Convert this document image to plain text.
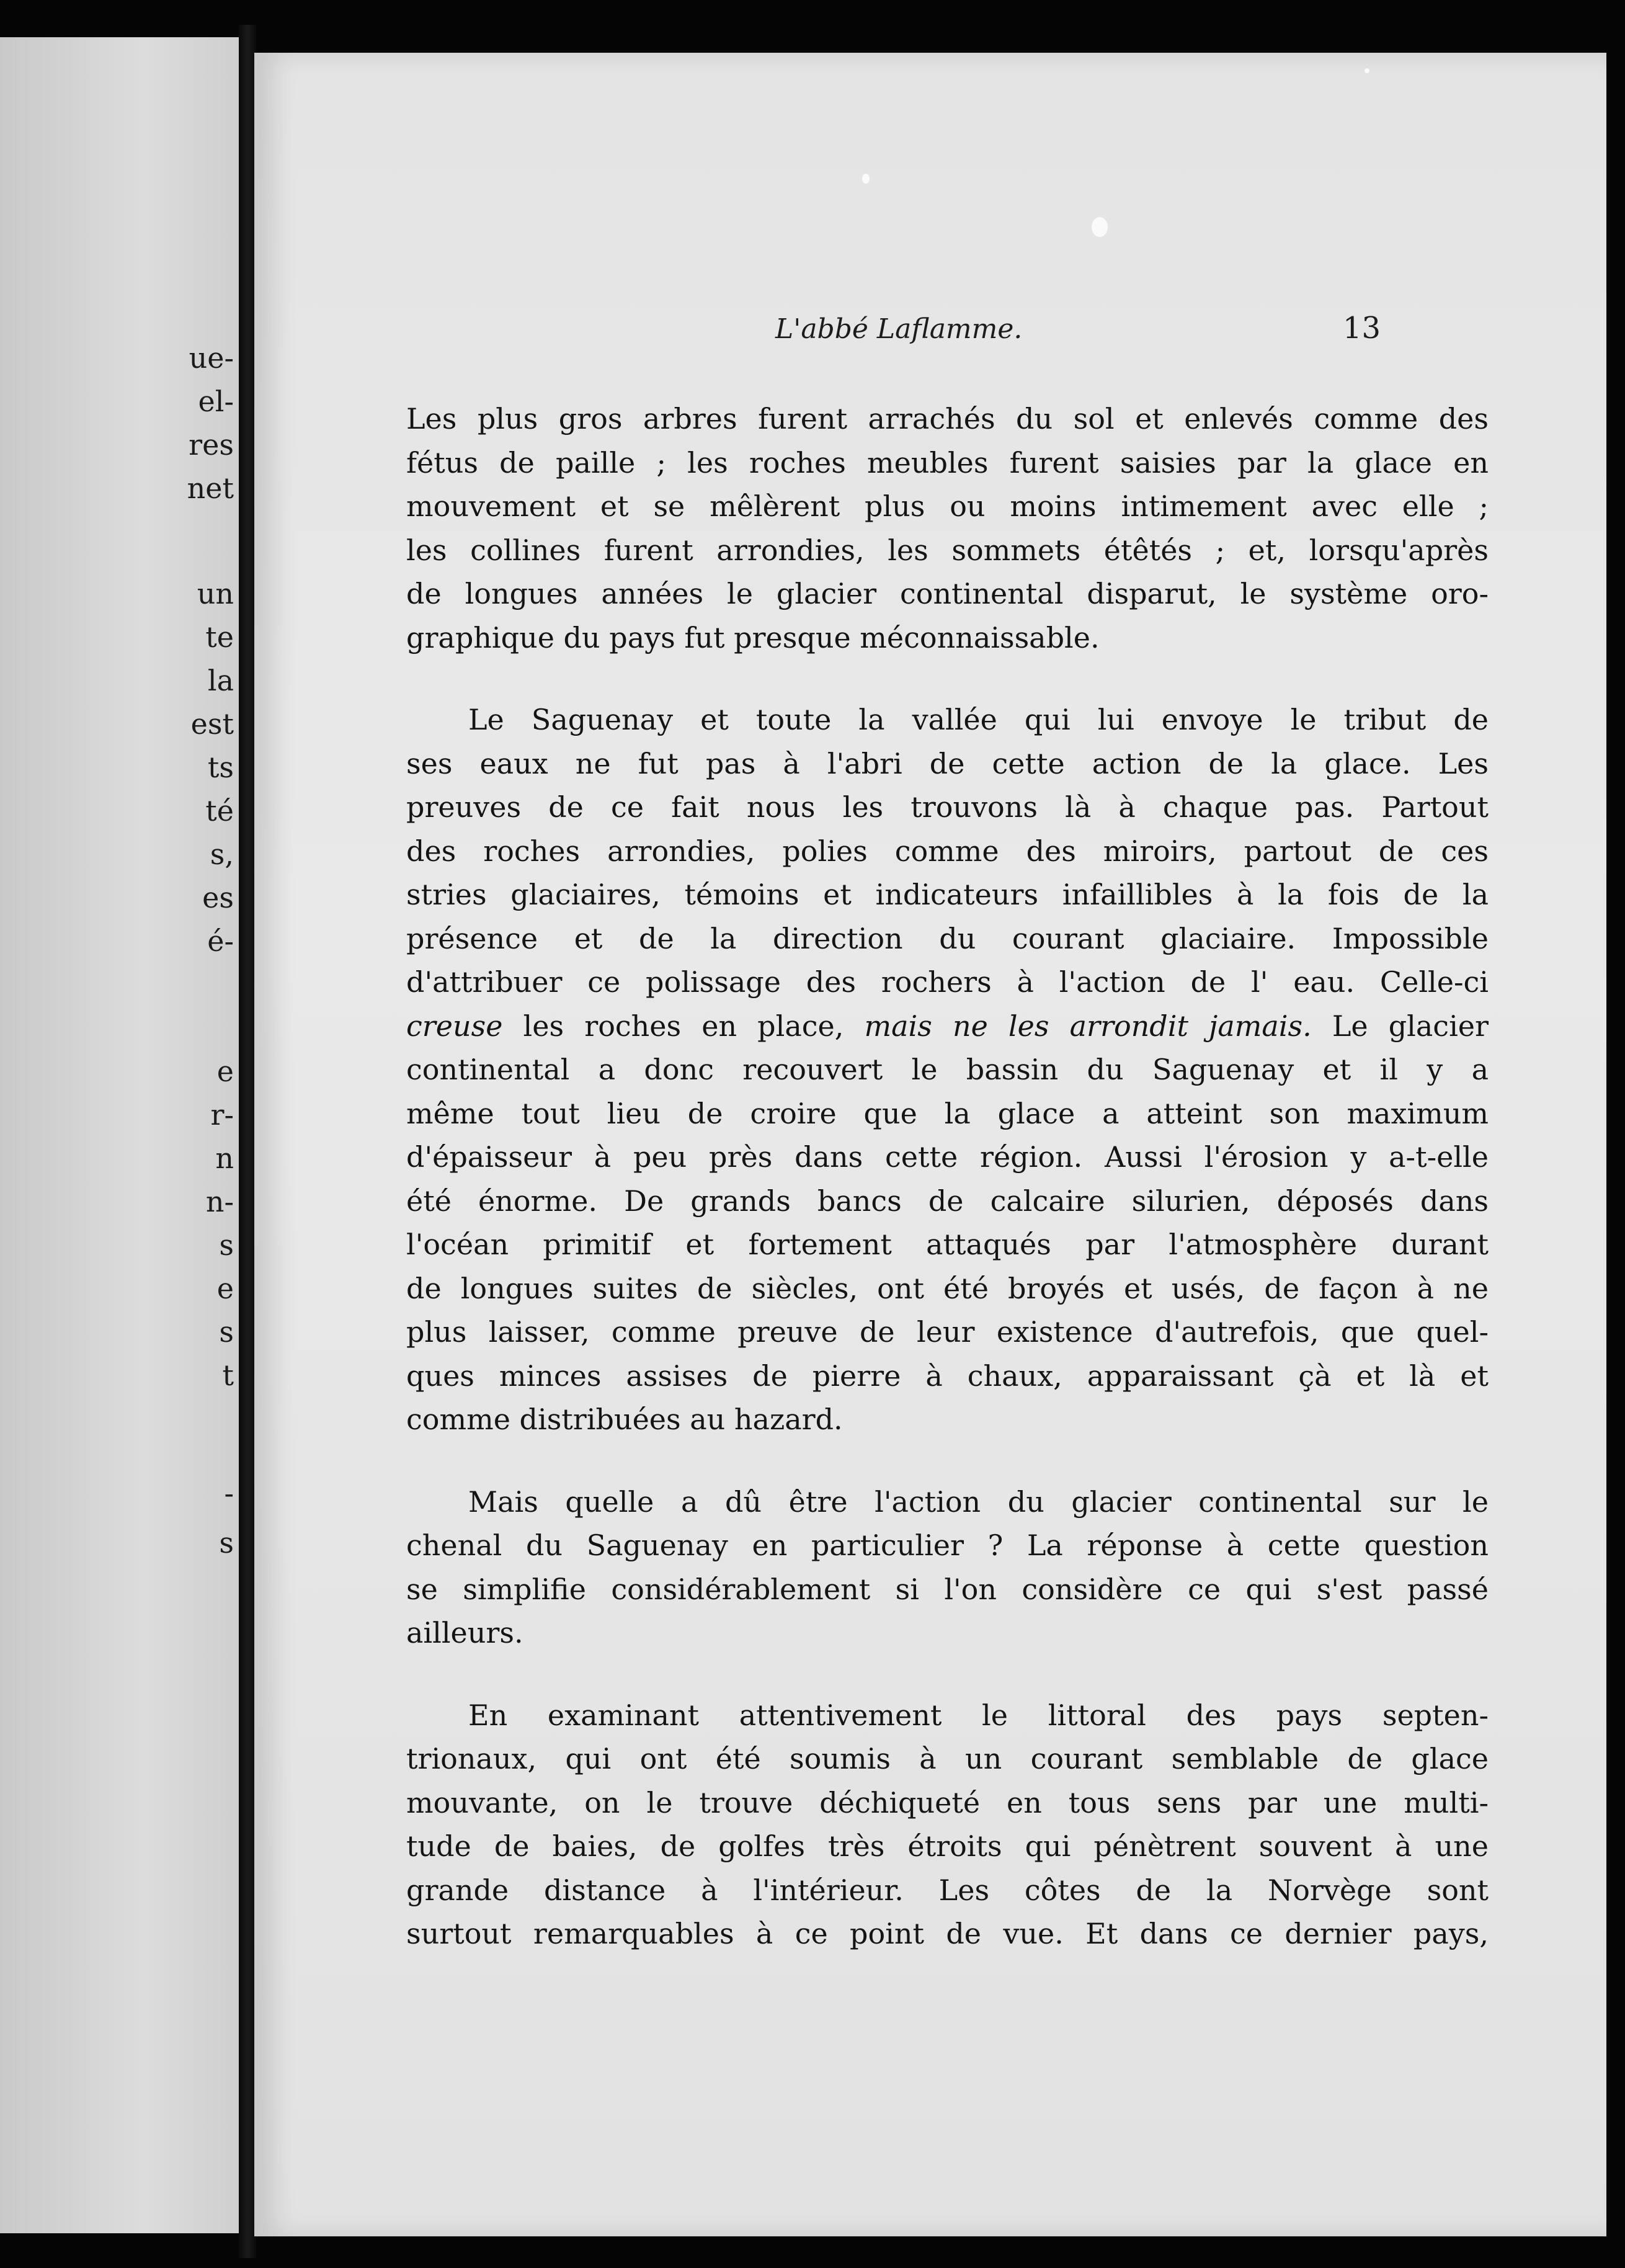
ue-
el-
res
net
un
te
la
est
ts
té
s,
es
é-
e
r-
n
n-
s
e
s
t
-
s
L'abbé Laflamme.	13
Les plus gros arbres furent arrachés du sol et enlevés comme des
fétus de paille ; les roches meubles furent saisies par la glace en
mouvement et se mêlèrent plus ou moins intimement avec elle ;
les collines furent arrondies, les sommets étêtés ; et, lorsqu'après
de longues années le glacier continental disparut, le système oro-
graphique du pays fut presque méconnaissable.
Le Saguenay et toute la vallée qui lui envoye le tribut de
ses eaux ne fut pas à l'abri de cette action de la glace. Les
preuves de ce fait nous les trouvons là à chaque pas. Partout
des roches arrondies, polies comme des miroirs, partout de ces
stries glaciaires, témoins et indicateurs infaillibles à la fois de la
présence et de la direction du courant glaciaire. Impossible
d'attribuer ce polissage des rochers à l'action de l' eau. Celle-ci
creuse les roches en place, mais ne les arrondit jamais. Le glacier
continental a donc recouvert le bassin du Saguenay et il y a
même tout lieu de croire que la glace a atteint son maximum
d'épaisseur à peu près dans cette région. Aussi l'érosion y a-t-elle
été énorme. De grands bancs de calcaire silurien, déposés dans
l'océan primitif et fortement attaqués par l'atmosphère durant
de longues suites de siècles, ont été broyés et usés, de façon à ne
plus laisser, comme preuve de leur existence d'autrefois, que quel-
ques minces assises de pierre à chaux, apparaissant çà et là et
comme distribuées au hazard.
Mais quelle a dû être l'action du glacier continental sur le
chenal du Saguenay en particulier ? La réponse à cette question
se simplifie considérablement si l'on considère ce qui s'est passé
ailleurs.
En examinant attentivement le littoral des pays septen-
trionaux, qui ont été soumis à un courant semblable de glace
mouvante, on le trouve déchiqueté en tous sens par une multi-
tude de baies, de golfes très étroits qui pénètrent souvent à une
grande distance à l'intérieur. Les côtes de la Norvège sont
surtout remarquables à ce point de vue. Et dans ce dernier pays,
